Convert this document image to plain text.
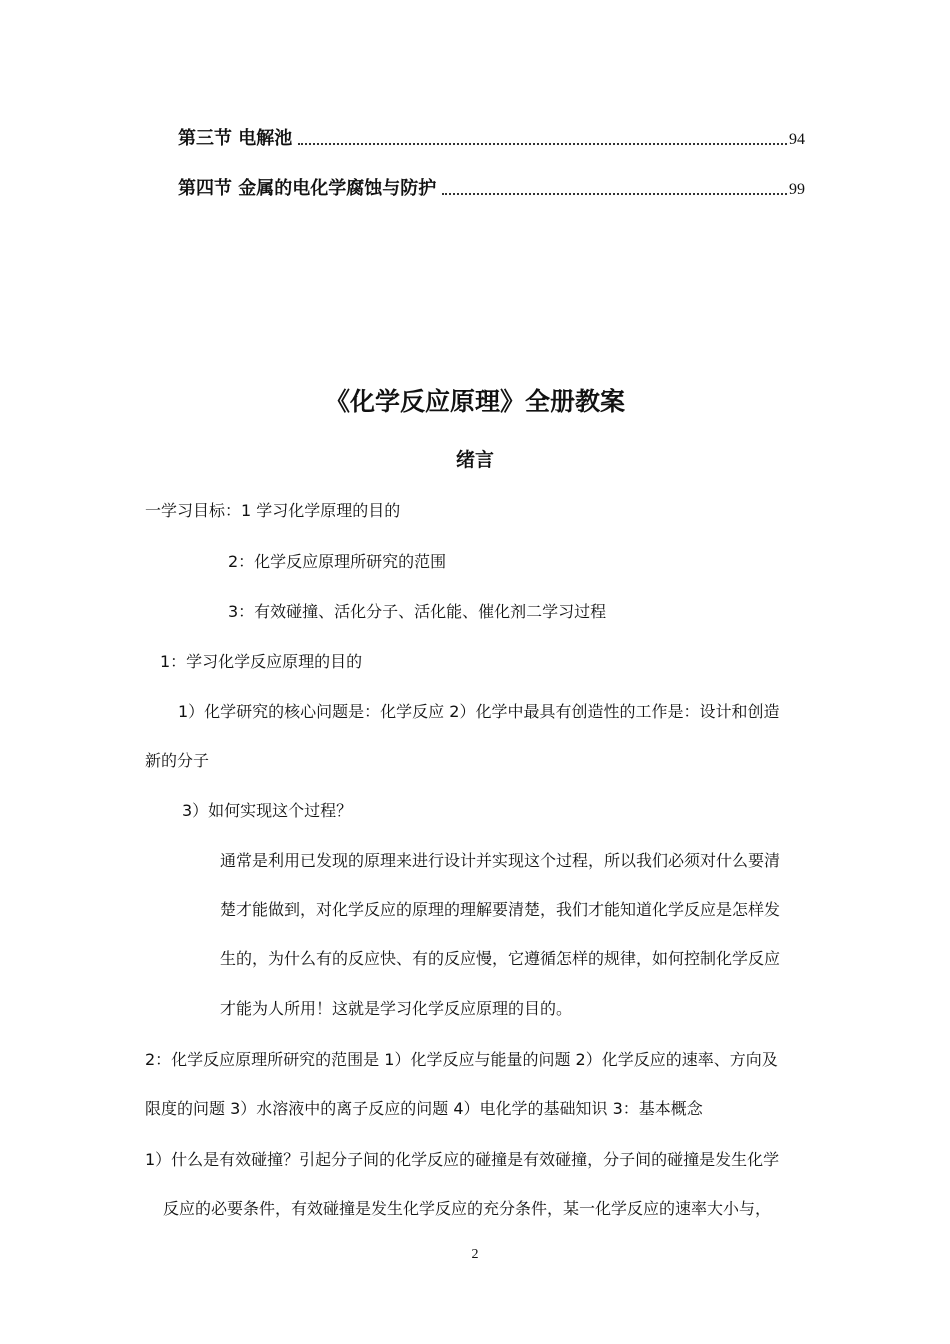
第三节 电解池	94
第四节 金属的电化学腐蚀与防护	99
《化学反应原理》全册教案
绪言
一学习目标：1 学习化学原理的目的
2：化学反应原理所研究的范围
3：有效碰撞、活化分子、活化能、催化剂二学习过程
1：学习化学反应原理的目的
1）化学研究的核心问题是：化学反应 2）化学中最具有创造性的工作是：设计和创造
新的分子
3）如何实现这个过程？
通常是利用已发现的原理来进行设计并实现这个过程，所以我们必须对什么要清
楚才能做到，对化学反应的原理的理解要清楚，我们才能知道化学反应是怎样发
生的，为什么有的反应快、有的反应慢，它遵循怎样的规律，如何控制化学反应
才能为人所用！这就是学习化学反应原理的目的。
2：化学反应原理所研究的范围是 1）化学反应与能量的问题 2）化学反应的速率、方向及
限度的问题 3）水溶液中的离子反应的问题 4）电化学的基础知识 3：基本概念
1）什么是有效碰撞？引起分子间的化学反应的碰撞是有效碰撞，分子间的碰撞是发生化学
反应的必要条件，有效碰撞是发生化学反应的充分条件，某一化学反应的速率大小与，
2
